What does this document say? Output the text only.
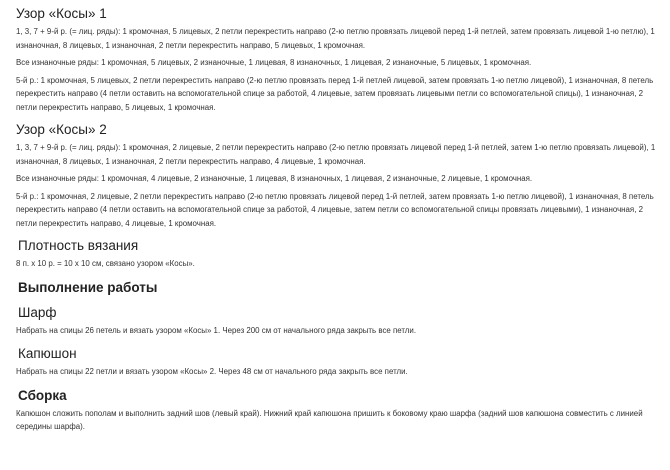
Узор «Косы» 1

1, 3, 7 + 9-й р. (= лиц. ряды): 1 кромочная, 5 лицевых, 2 петли перекрестить направо (2-ю петлю провязать лицевой перед 1-й петлей, затем провязать лицевой 1-ю петлю), 1 изнаночная, 8 лицевых, 1 изнаночная, 2 петли перекрестить направо, 5 лицевых, 1 кромочная.

Все изнаночные ряды: 1 кромочная, 5 лицевых, 2 изнаночные, 1 лицевая, 8 изнаночных, 1 лицевая, 2 изнаночные, 5 лицевых, 1 кромочная.

5-й р.: 1 кромочная, 5 лицевых, 2 петли перекрестить направо (2-ю петлю провязать перед 1-й петлей лицевой, затем провязать 1-ю петлю лицевой), 1 изнаночная, 8 петель перекрестить направо (4 петли оставить на вспомогательной спице за работой, 4 лицевые, затем провязать лицевыми петли со вспомогательной спицы), 1 изнаночная, 2 петли перекрестить направо, 5 лицевых, 1 кромочная.

Узор «Косы» 2

1, 3, 7 + 9-й р. (= лиц. ряды): 1 кромочная, 2 лицевые, 2 петли перекрестить направо (2-ю петлю провязать лицевой перед 1-й петлей, затем 1-ю петлю провязать лицевой), 1 изнаночная, 8 лицевых, 1 изнаночная, 2 петли перекрестить направо, 4 лицевые, 1 кромочная.

Все изнаночные ряды: 1 кромочная, 4 лицевые, 2 изнаночные, 1 лицевая, 8 изнаночных, 1 лицевая, 2 изнаночные, 2 лицевые, 1 кромочная.

5-й р.: 1 кромочная, 2 лицевые, 2 петли перекрестить направо (2-ю петлю провязать лицевой перед 1-й петлей, затем провязать 1-ю петлю лицевой), 1 изнаночная, 8 петель перекрестить направо (4 петли оставить на вспомогательной спице за работой, 4 лицевые, затем петли со вспомогательной спицы провязать лицевыми), 1 изнаночная, 2 петли перекрестить направо, 4 лицевые, 1 кромочная.

Плотность вязания

8 п. х 10 р. = 10 х 10 см, связано узором «Косы».

Выполнение работы
Шарф

Набрать на спицы 26 петель и вязать узором «Косы» 1. Через 200 см от начального ряда закрыть все петли.

Капюшон

Набрать на спицы 22 петли и вязать узором «Косы» 2. Через 48 см от начального ряда закрыть все петли.

Сборка

Капюшон сложить пополам и выполнить задний шов (левый край). Нижний край капюшона пришить к боковому краю шарфа (задний шов капюшона совместить с линией середины шарфа).
